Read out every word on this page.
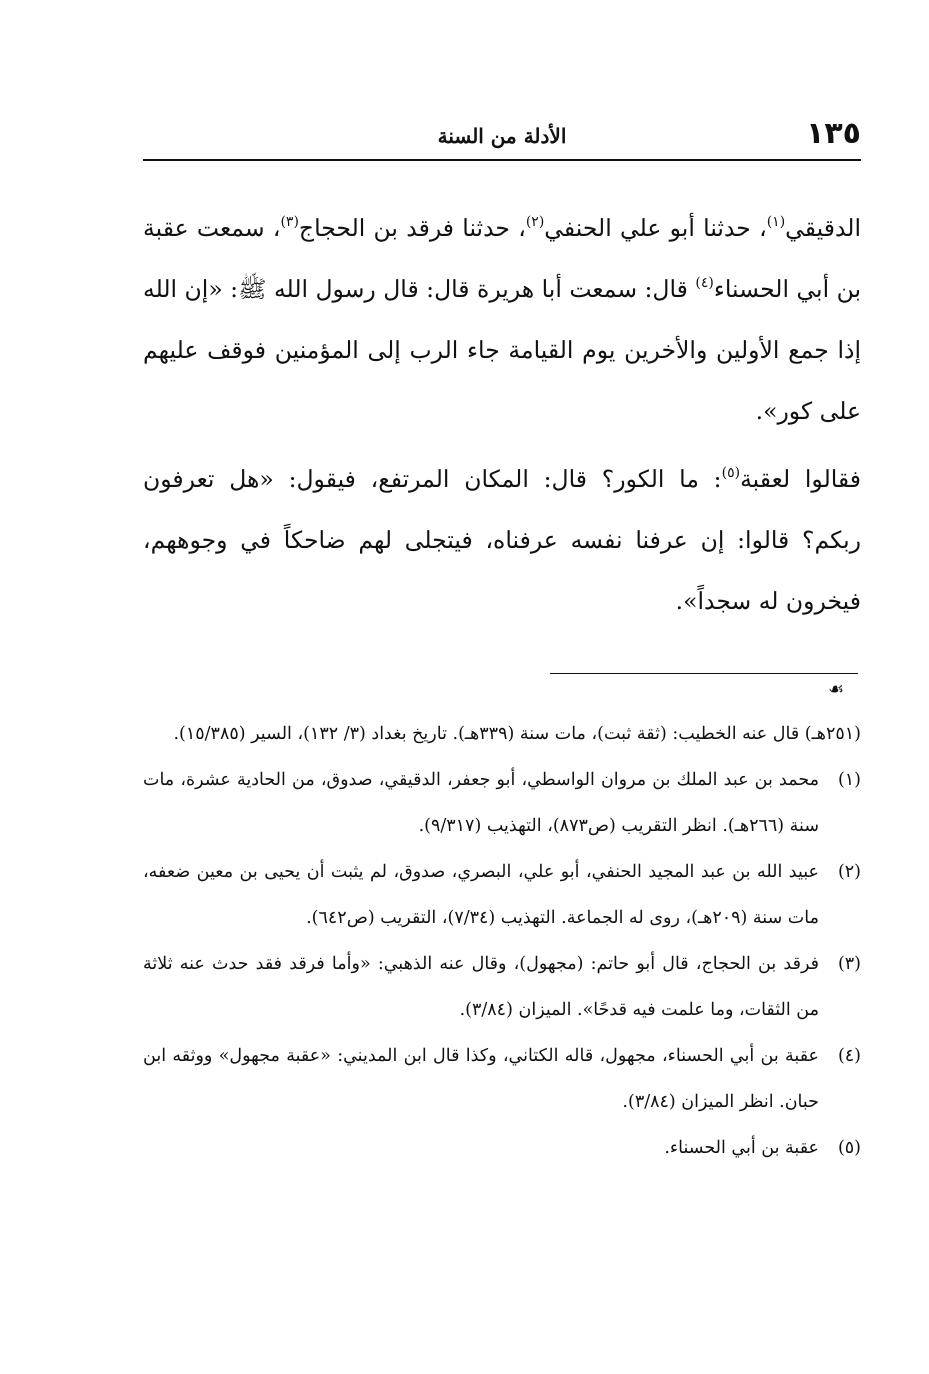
١٣٥
الأدلة من السنة

الدقيقي$^{(١)}$، حدثنا أبو علي الحنفي$^{(٢)}$، حدثنا فرقد بن الحجاج$^{(٣)}$، سمعت عقبة بن أبي الحسناء$^{(٤)}$ قال: سمعت أبا هريرة قال: قال رسول الله ﷺ: «إن الله إذا جمع الأولين والأخرين يوم القيامة جاء الرب إلى المؤمنين فوقف عليهم على كور».

فقالوا لعقبة$^{(٥)}$: ما الكور؟ قال: المكان المرتفع، فيقول: «هل تعرفون ربكم؟ قالوا: إن عرفنا نفسه عرفناه، فيتجلى لهم ضاحكاً في وجوههم، فيخرون له سجداً».

☙

(٢٥١هـ) قال عنه الخطيب: (ثقة ثبت)، مات سنة (٣٣٩هـ). تاريخ بغداد (٣/ ١٣٢)، السير (١٥/٣٨٥).

(١)محمد بن عبد الملك بن مروان الواسطي، أبو جعفر، الدقيقي، صدوق، من الحادية عشرة، مات سنة (٢٦٦هـ). انظر التقريب (ص٨٧٣)، التهذيب (٩/٣١٧).

(٢)عبيد الله بن عبد المجيد الحنفي، أبو علي، البصري، صدوق، لم يثبت أن يحيى بن معين ضعفه، مات سنة (٢٠٩هـ)، روى له الجماعة. التهذيب (٧/٣٤)، التقريب (ص٦٤٢).

(٣)فرقد بن الحجاج، قال أبو حاتم: (مجهول)، وقال عنه الذهبي: «وأما فرقد فقد حدث عنه ثلاثة من الثقات، وما علمت فيه قدحًا». الميزان (٣/٨٤).

(٤)عقبة بن أبي الحسناء، مجهول، قاله الكتاني، وكذا قال ابن المديني: «عقبة مجهول» ووثقه ابن حبان. انظر الميزان (٣/٨٤).

(٥)عقبة بن أبي الحسناء.
